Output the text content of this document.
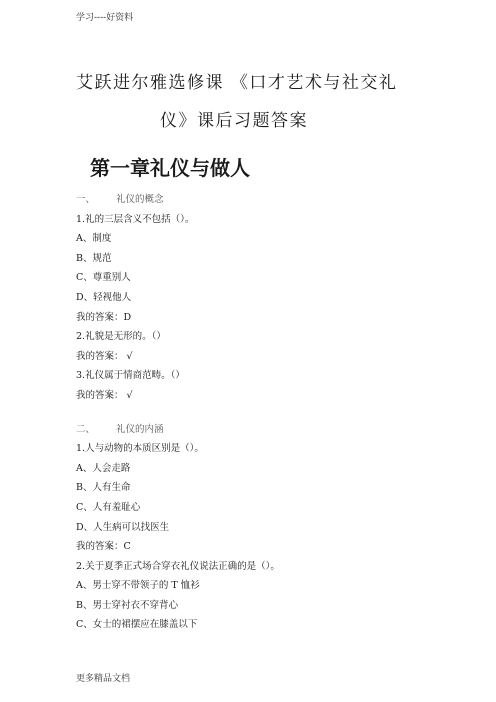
学习----好资料
艾跃进尔雅选修课 《口才艺术与社交礼
仪》课后习题答案
第一章礼仪与做人
一、 礼仪的概念
1.礼的三层含义不包括（）。
A、制度
B、规范
C、尊重别人
D、轻视他人
我的答案：D
2.礼貌是无形的。（）
我的答案： √
3.礼仪属于情商范畴。（）
我的答案： √
二、 礼仪的内涵
1.人与动物的本质区别是（）。
A、人会走路
B、人有生命
C、人有羞耻心
D、人生病可以找医生
我的答案：C
2.关于夏季正式场合穿衣礼仪说法正确的是（）。
A、男士穿不带领子的 T 恤衫
B、男士穿衬衣不穿背心
C、女士的裙摆应在膝盖以下
更多精品文档
